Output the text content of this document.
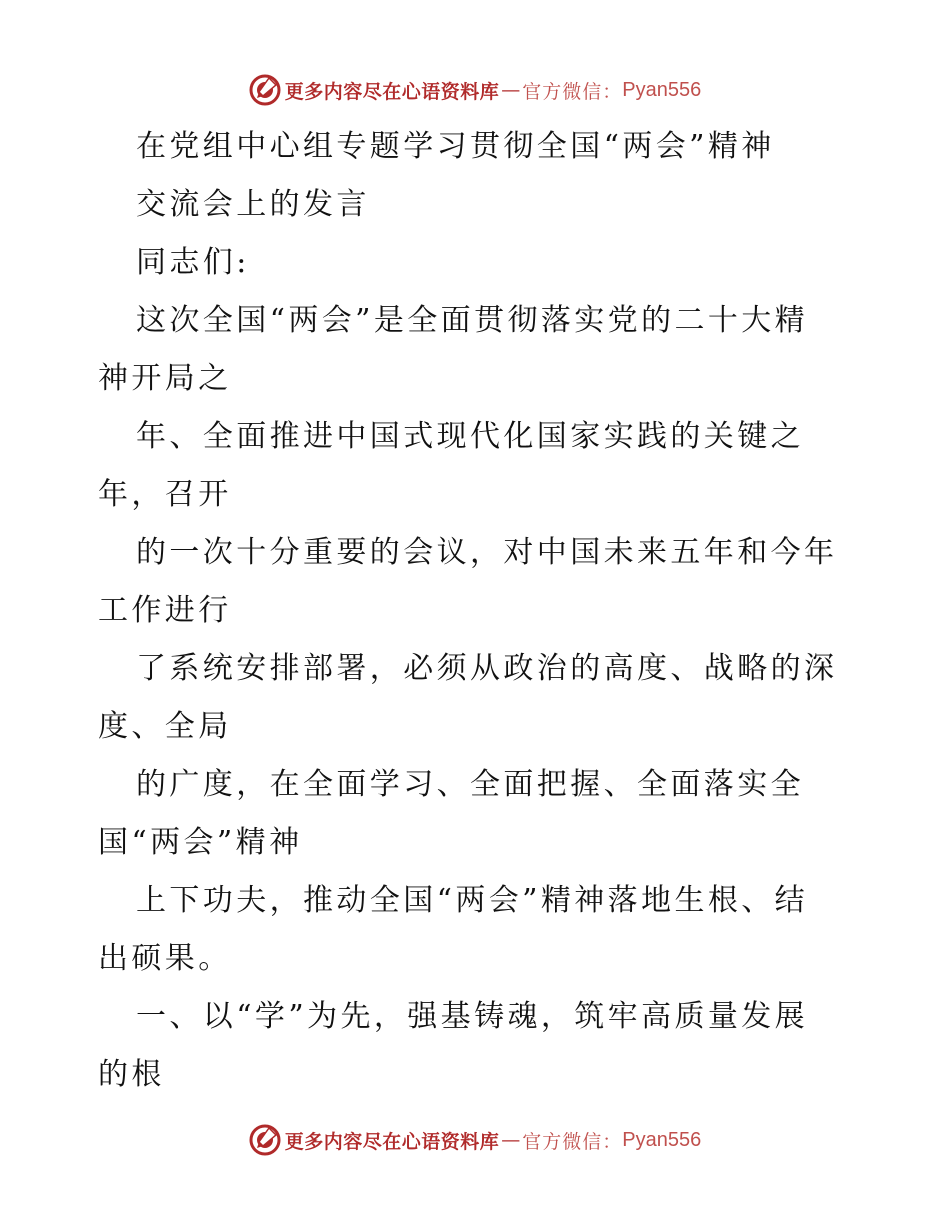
更多内容尽在心语资料库 — 官方微信： Pyan556
在党组中心组专题学习贯彻全国“两会”精神
交流会上的发言
同志们:
这次全国“两会”是全面贯彻落实党的二十大精
神开局之
年、全面推进中国式现代化国家实践的关键之
年，召开
的一次十分重要的会议，对中国未来五年和今年
工作进行
了系统安排部署，必须从政治的高度、战略的深
度、全局
的广度，在全面学习、全面把握、全面落实全
国“两会”精神
上下功夫，推动全国“两会”精神落地生根、结
出硕果。
一、以“学”为先，强基铸魂，筑牢高质量发展
的根
更多内容尽在心语资料库 — 官方微信： Pyan556
